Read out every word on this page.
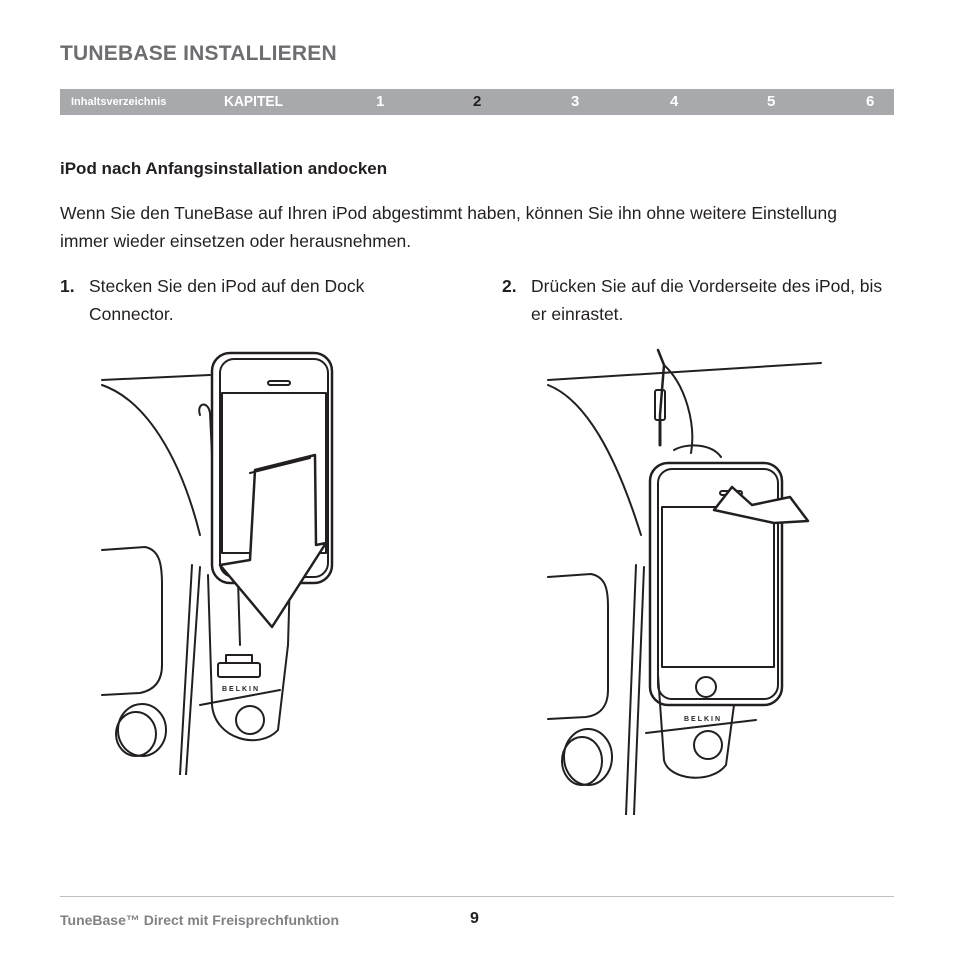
TUNEBASE INSTALLIEREN
Inhaltsverzeichnis	KAPITEL	1	2	3	4	5	6
iPod nach Anfangsinstallation andocken

Wenn Sie den TuneBase auf Ihren iPod abgestimmt haben, können Sie ihn ohne weitere Einstellung immer wieder einsetzen oder herausnehmen.

1. Stecken Sie den iPod auf den Dock Connector.
2. Drücken Sie auf die Vorderseite des iPod, bis er einrastet.
BELKIN
BELKIN
TuneBase™ Direct mit Freisprechfunktion	9
